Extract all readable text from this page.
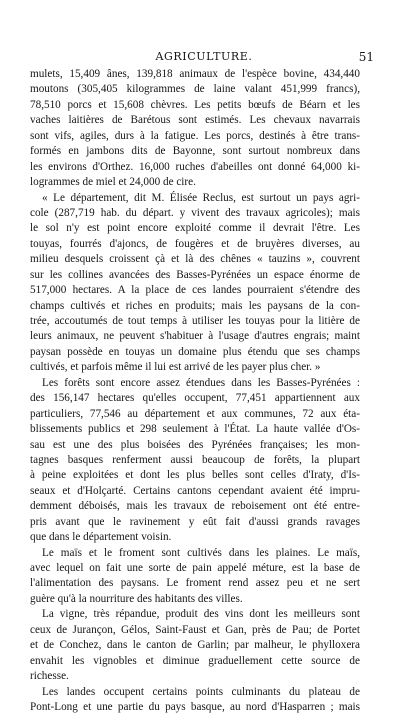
AGRICULTURE.	51
mulets, 15,409 ânes, 139,818 animaux de l'espèce bovine, 434,440
moutons (305,405 kilogrammes de laine valant 451,999 francs),
78,510 porcs et 15,608 chèvres. Les petits bœufs de Béarn et les
vaches laitières de Barétous sont estimés. Les chevaux navarrais
sont vifs, agiles, durs à la fatigue. Les porcs, destinés à être trans-
formés en jambons dits de Bayonne, sont surtout nombreux dans
les environs d'Orthez. 16,000 ruches d'abeilles ont donné 64,000 ki-
logrammes de miel et 24,000 de cire.
« Le département, dit M. Élisée Reclus, est surtout un pays agri-
cole (287,719 hab. du départ. y vivent des travaux agricoles); mais
le sol n'y est point encore exploité comme il devrait l'être. Les
touyas, fourrés d'ajoncs, de fougères et de bruyères diverses, au
milieu desquels croissent çà et là des chênes « tauzins », couvrent
sur les collines avancées des Basses-Pyrénées un espace énorme de
517,000 hectares. A la place de ces landes pourraient s'étendre des
champs cultivés et riches en produits; mais les paysans de la con-
trée, accoutumés de tout temps à utiliser les touyas pour la litière de
leurs animaux, ne peuvent s'habituer à l'usage d'autres engrais; maint
paysan possède en touyas un domaine plus étendu que ses champs
cultivés, et parfois même il lui est arrivé de les payer plus cher. »
Les forêts sont encore assez étendues dans les Basses-Pyrénées :
des 156,147 hectares qu'elles occupent, 77,451 appartiennent aux
particuliers, 77,546 au département et aux communes, 72 aux éta-
blissements publics et 298 seulement à l'État. La haute vallée d'Os-
sau est une des plus boisées des Pyrénées françaises; les mon-
tagnes basques renferment aussi beaucoup de forêts, la plupart
à peine exploitées et dont les plus belles sont celles d'Iraty, d'Is-
seaux et d'Holçarté. Certains cantons cependant avaient été impru-
demment déboisés, mais les travaux de reboisement ont été entre-
pris avant que le ravinement y eût fait d'aussi grands ravages
que dans le département voisin.
Le maïs et le froment sont cultivés dans les plaines. Le maïs,
avec lequel on fait une sorte de pain appelé méture, est la base de
l'alimentation des paysans. Le froment rend assez peu et ne sert
guère qu'à la nourriture des habitants des villes.
La vigne, très répandue, produit des vins dont les meilleurs sont
ceux de Jurançon, Gélos, Saint-Faust et Gan, près de Pau; de Portet
et de Conchez, dans le canton de Garlin; par malheur, le phylloxera
envahit les vignobles et diminue graduellement cette source de
richesse.
Les landes occupent certains points culminants du plateau de
Pont-Long et une partie du pays basque, au nord d'Hasparren ; mais
